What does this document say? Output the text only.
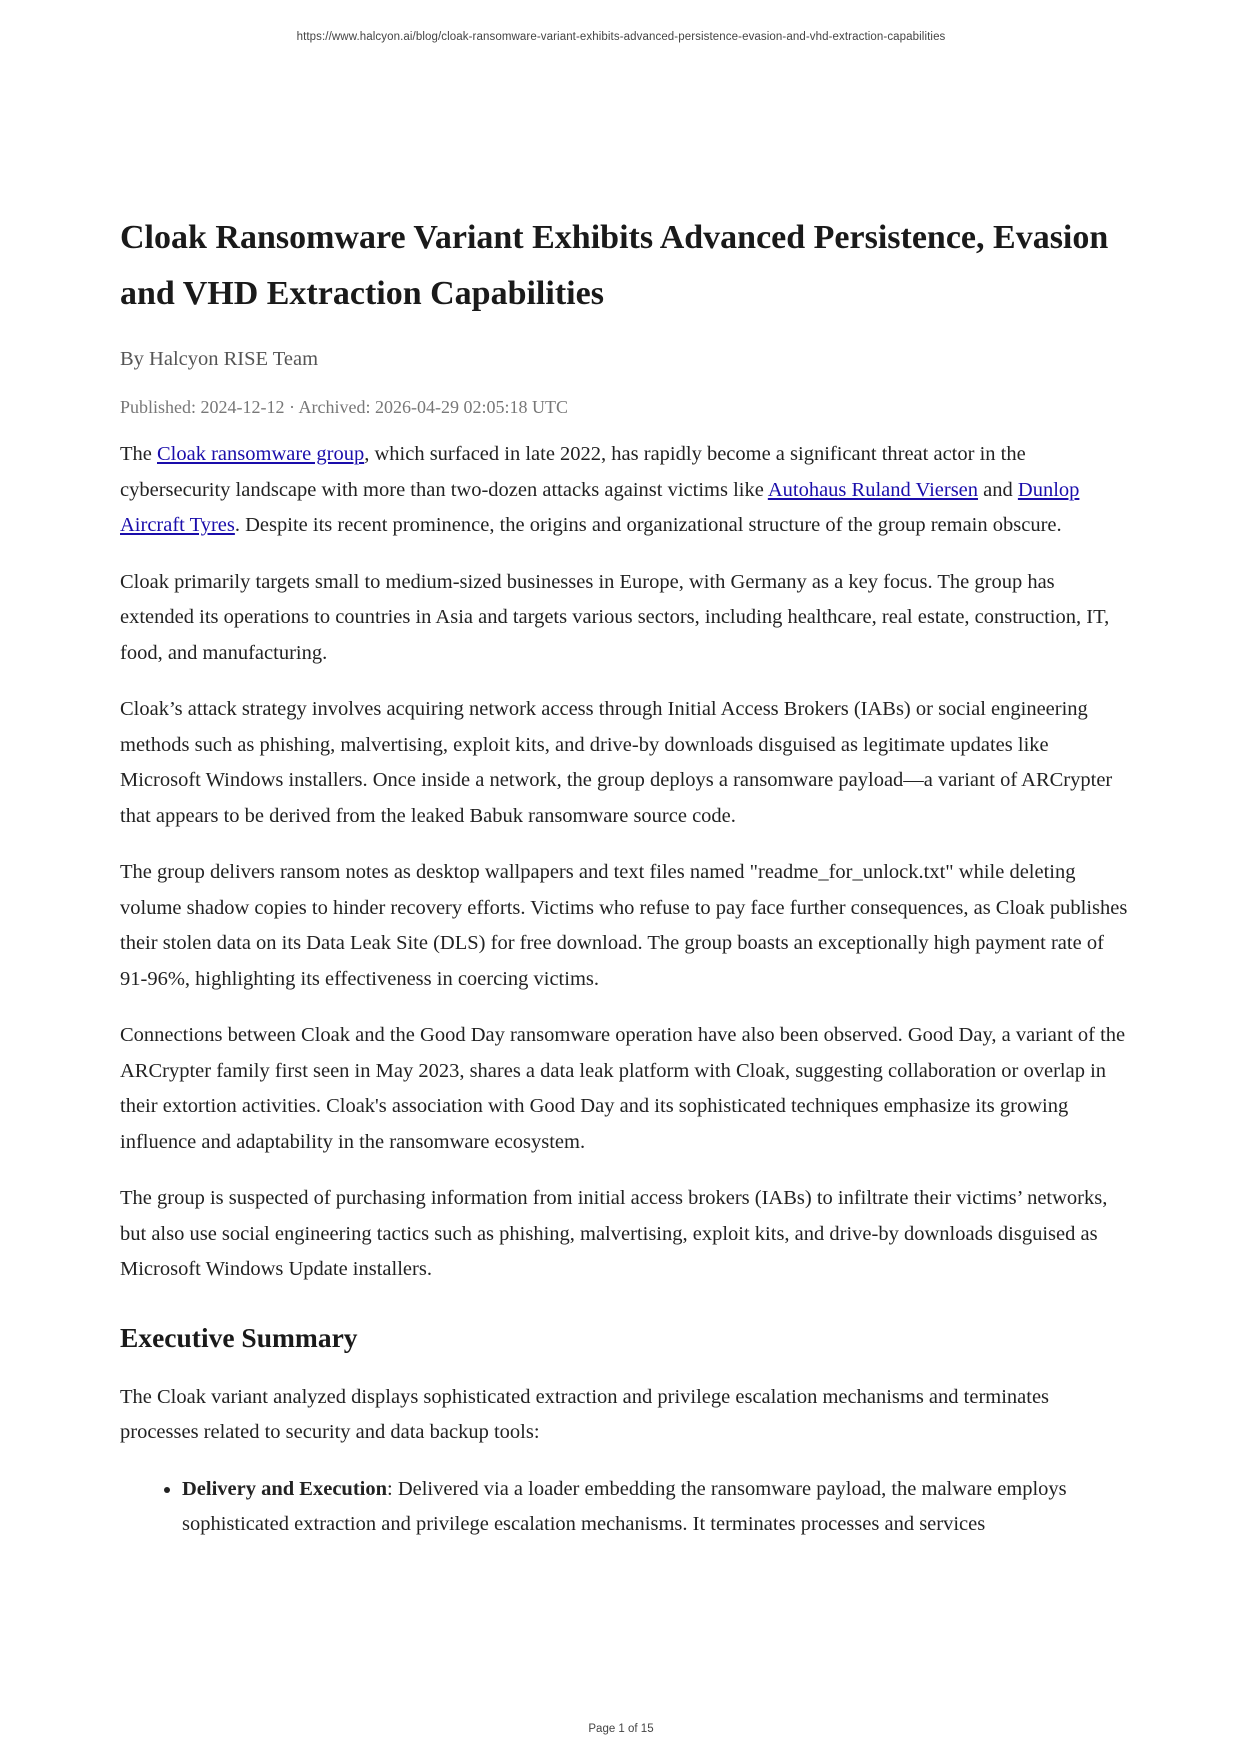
https://www.halcyon.ai/blog/cloak-ransomware-variant-exhibits-advanced-persistence-evasion-and-vhd-extraction-capabilities
Cloak Ransomware Variant Exhibits Advanced Persistence, Evasion and VHD Extraction Capabilities
By Halcyon RISE Team
Published: 2024-12-12 · Archived: 2026-04-29 02:05:18 UTC

The Cloak ransomware group, which surfaced in late 2022, has rapidly become a significant threat actor in the cybersecurity landscape with more than two-dozen attacks against victims like Autohaus Ruland Viersen and Dunlop Aircraft Tyres. Despite its recent prominence, the origins and organizational structure of the group remain obscure.

Cloak primarily targets small to medium-sized businesses in Europe, with Germany as a key focus. The group has extended its operations to countries in Asia and targets various sectors, including healthcare, real estate, construction, IT, food, and manufacturing.

Cloak’s attack strategy involves acquiring network access through Initial Access Brokers (IABs) or social engineering methods such as phishing, malvertising, exploit kits, and drive-by downloads disguised as legitimate updates like Microsoft Windows installers. Once inside a network, the group deploys a ransomware payload—a variant of ARCrypter that appears to be derived from the leaked Babuk ransomware source code.

The group delivers ransom notes as desktop wallpapers and text files named "readme_for_unlock.txt" while deleting volume shadow copies to hinder recovery efforts. Victims who refuse to pay face further consequences, as Cloak publishes their stolen data on its Data Leak Site (DLS) for free download. The group boasts an exceptionally high payment rate of 91-96%, highlighting its effectiveness in coercing victims.

Connections between Cloak and the Good Day ransomware operation have also been observed. Good Day, a variant of the ARCrypter family first seen in May 2023, shares a data leak platform with Cloak, suggesting collaboration or overlap in their extortion activities. Cloak's association with Good Day and its sophisticated techniques emphasize its growing influence and adaptability in the ransomware ecosystem.

The group is suspected of purchasing information from initial access brokers (IABs) to infiltrate their victims’ networks, but also use social engineering tactics such as phishing, malvertising, exploit kits, and drive-by downloads disguised as Microsoft Windows Update installers.

Executive Summary

The Cloak variant analyzed displays sophisticated extraction and privilege escalation mechanisms and terminates processes related to security and data backup tools:

• Delivery and Execution: Delivered via a loader embedding the ransomware payload, the malware employs sophisticated extraction and privilege escalation mechanisms. It terminates processes and services
Page 1 of 15
